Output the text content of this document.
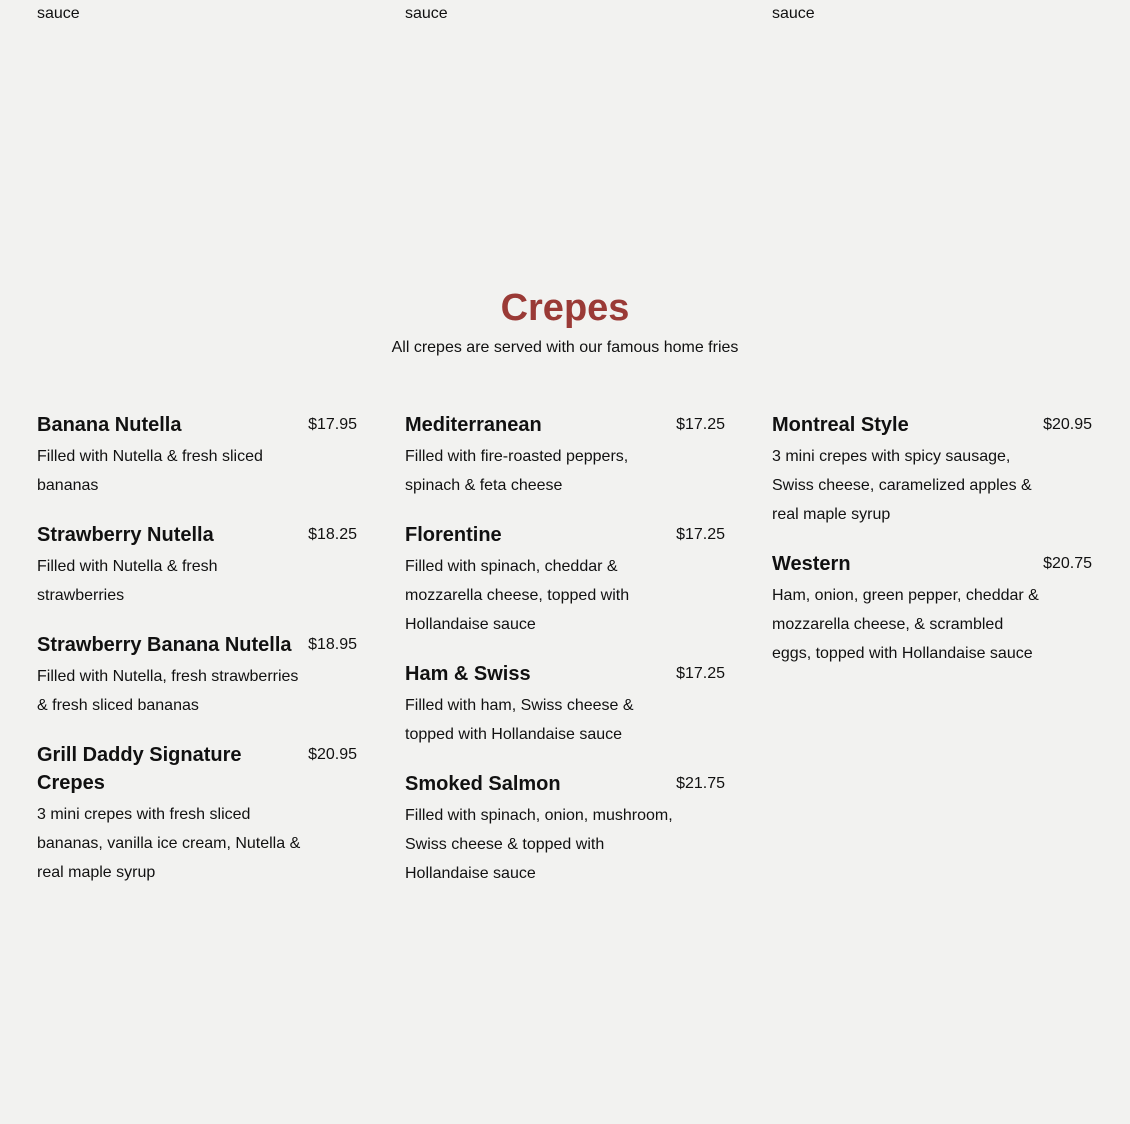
sauce	sauce	sauce
Crepes

All crepes are served with our famous home fries

Banana Nutella	$17.95
Filled with Nutella & fresh sliced bananas
Strawberry Nutella	$18.25
Filled with Nutella & fresh strawberries
Strawberry Banana Nutella	$18.95
Filled with Nutella, fresh strawberries & fresh sliced bananas
Grill Daddy Signature Crepes
$20.95
3 mini crepes with fresh sliced bananas, vanilla ice cream, Nutella & real maple syrup
Mediterranean	$17.25
Filled with fire-roasted peppers, spinach & feta cheese
Florentine	$17.25
Filled with spinach, cheddar & mozzarella cheese, topped with Hollandaise sauce
Ham & Swiss	$17.25
Filled with ham, Swiss cheese & topped with Hollandaise sauce
Smoked Salmon	$21.75
Filled with spinach, onion, mushroom, Swiss cheese & topped with Hollandaise sauce
Montreal Style	$20.95
3 mini crepes with spicy sausage, Swiss cheese, caramelized apples & real maple syrup
Western	$20.75
Ham, onion, green pepper, cheddar & mozzarella cheese, & scrambled eggs, topped with Hollandaise sauce
